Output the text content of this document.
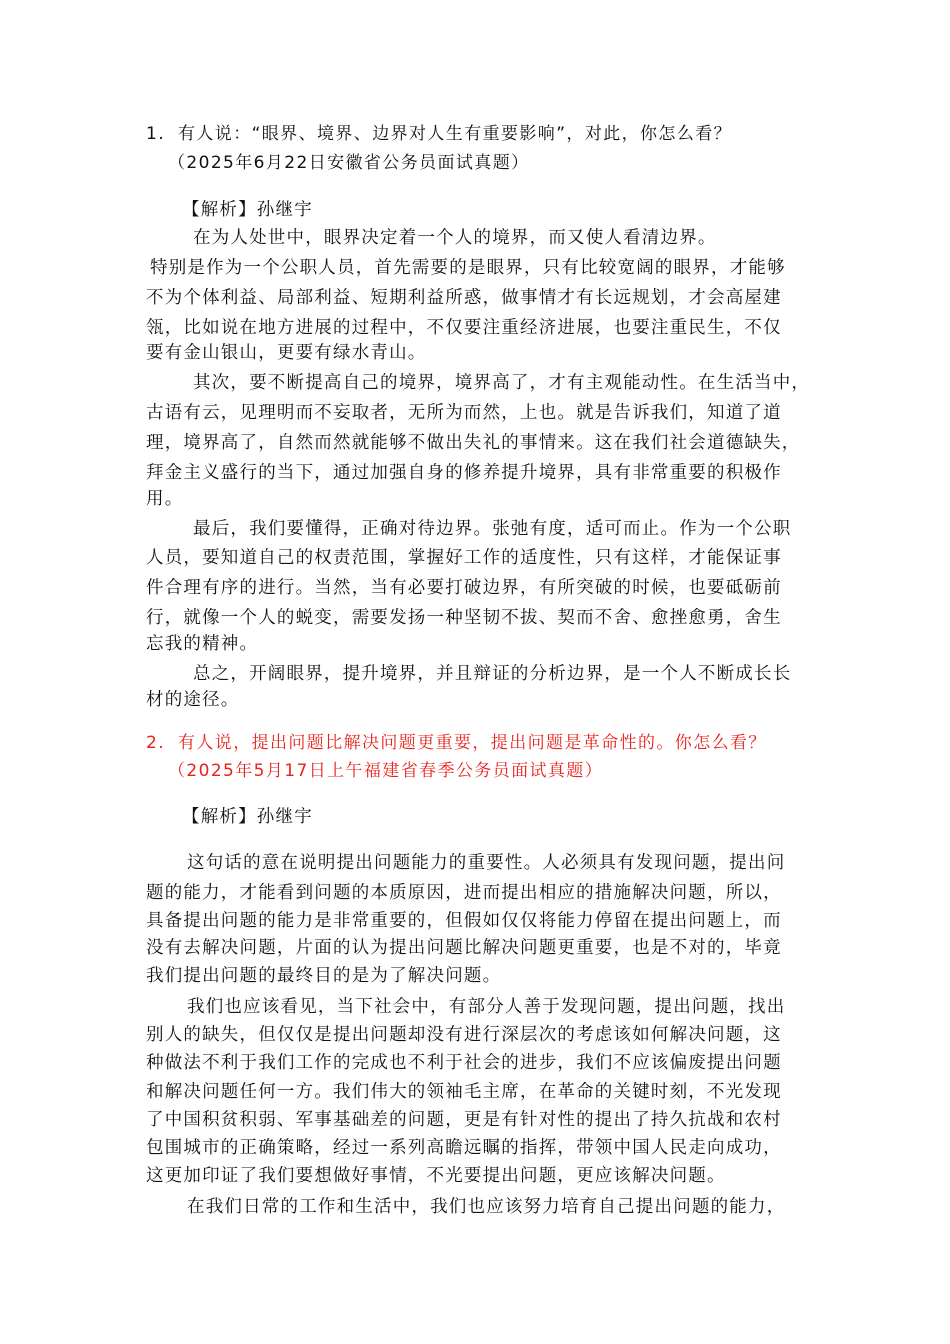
1. 有人说：“眼界、境界、边界对人生有重要影响”，对此，你怎么看？
（2025年6月22日安徽省公务员面试真题）
【解析】孙继宇
在为人处世中，眼界决定着一个人的境界，而又使人看清边界。
特别是作为一个公职人员，首先需要的是眼界，只有比较宽阔的眼界，才能够
不为个体利益、局部利益、短期利益所惑，做事情才有长远规划，才会高屋建
瓴，比如说在地方进展的过程中，不仅要注重经济进展，也要注重民生，不仅
要有金山银山，更要有绿水青山。
其次，要不断提高自己的境界，境界高了，才有主观能动性。在生活当中，
古语有云，见理明而不妄取者，无所为而然，上也。就是告诉我们，知道了道
理，境界高了，自然而然就能够不做出失礼的事情来。这在我们社会道德缺失，
拜金主义盛行的当下，通过加强自身的修养提升境界，具有非常重要的积极作
用。
最后，我们要懂得，正确对待边界。张弛有度，适可而止。作为一个公职
人员，要知道自己的权责范围，掌握好工作的适度性，只有这样，才能保证事
件合理有序的进行。当然，当有必要打破边界，有所突破的时候，也要砥砺前
行，就像一个人的蜕变，需要发扬一种坚韧不拔、契而不舍、愈挫愈勇，舍生
忘我的精神。
总之，开阔眼界，提升境界，并且辩证的分析边界，是一个人不断成长长
材的途径。
2. 有人说，提出问题比解决问题更重要，提出问题是革命性的。你怎么看？
（2025年5月17日上午福建省春季公务员面试真题）
【解析】孙继宇
这句话的意在说明提出问题能力的重要性。人必须具有发现问题，提出问
题的能力，才能看到问题的本质原因，进而提出相应的措施解决问题，所以，
具备提出问题的能力是非常重要的，但假如仅仅将能力停留在提出问题上，而
没有去解决问题，片面的认为提出问题比解决问题更重要，也是不对的，毕竟
我们提出问题的最终目的是为了解决问题。
我们也应该看见，当下社会中，有部分人善于发现问题，提出问题，找出
别人的缺失，但仅仅是提出问题却没有进行深层次的考虑该如何解决问题，这
种做法不利于我们工作的完成也不利于社会的进步，我们不应该偏废提出问题
和解决问题任何一方。我们伟大的领袖毛主席，在革命的关键时刻，不光发现
了中国积贫积弱、军事基础差的问题，更是有针对性的提出了持久抗战和农村
包围城市的正确策略，经过一系列高瞻远瞩的指挥，带领中国人民走向成功，
这更加印证了我们要想做好事情，不光要提出问题，更应该解决问题。
在我们日常的工作和生活中，我们也应该努力培育自己提出问题的能力，
